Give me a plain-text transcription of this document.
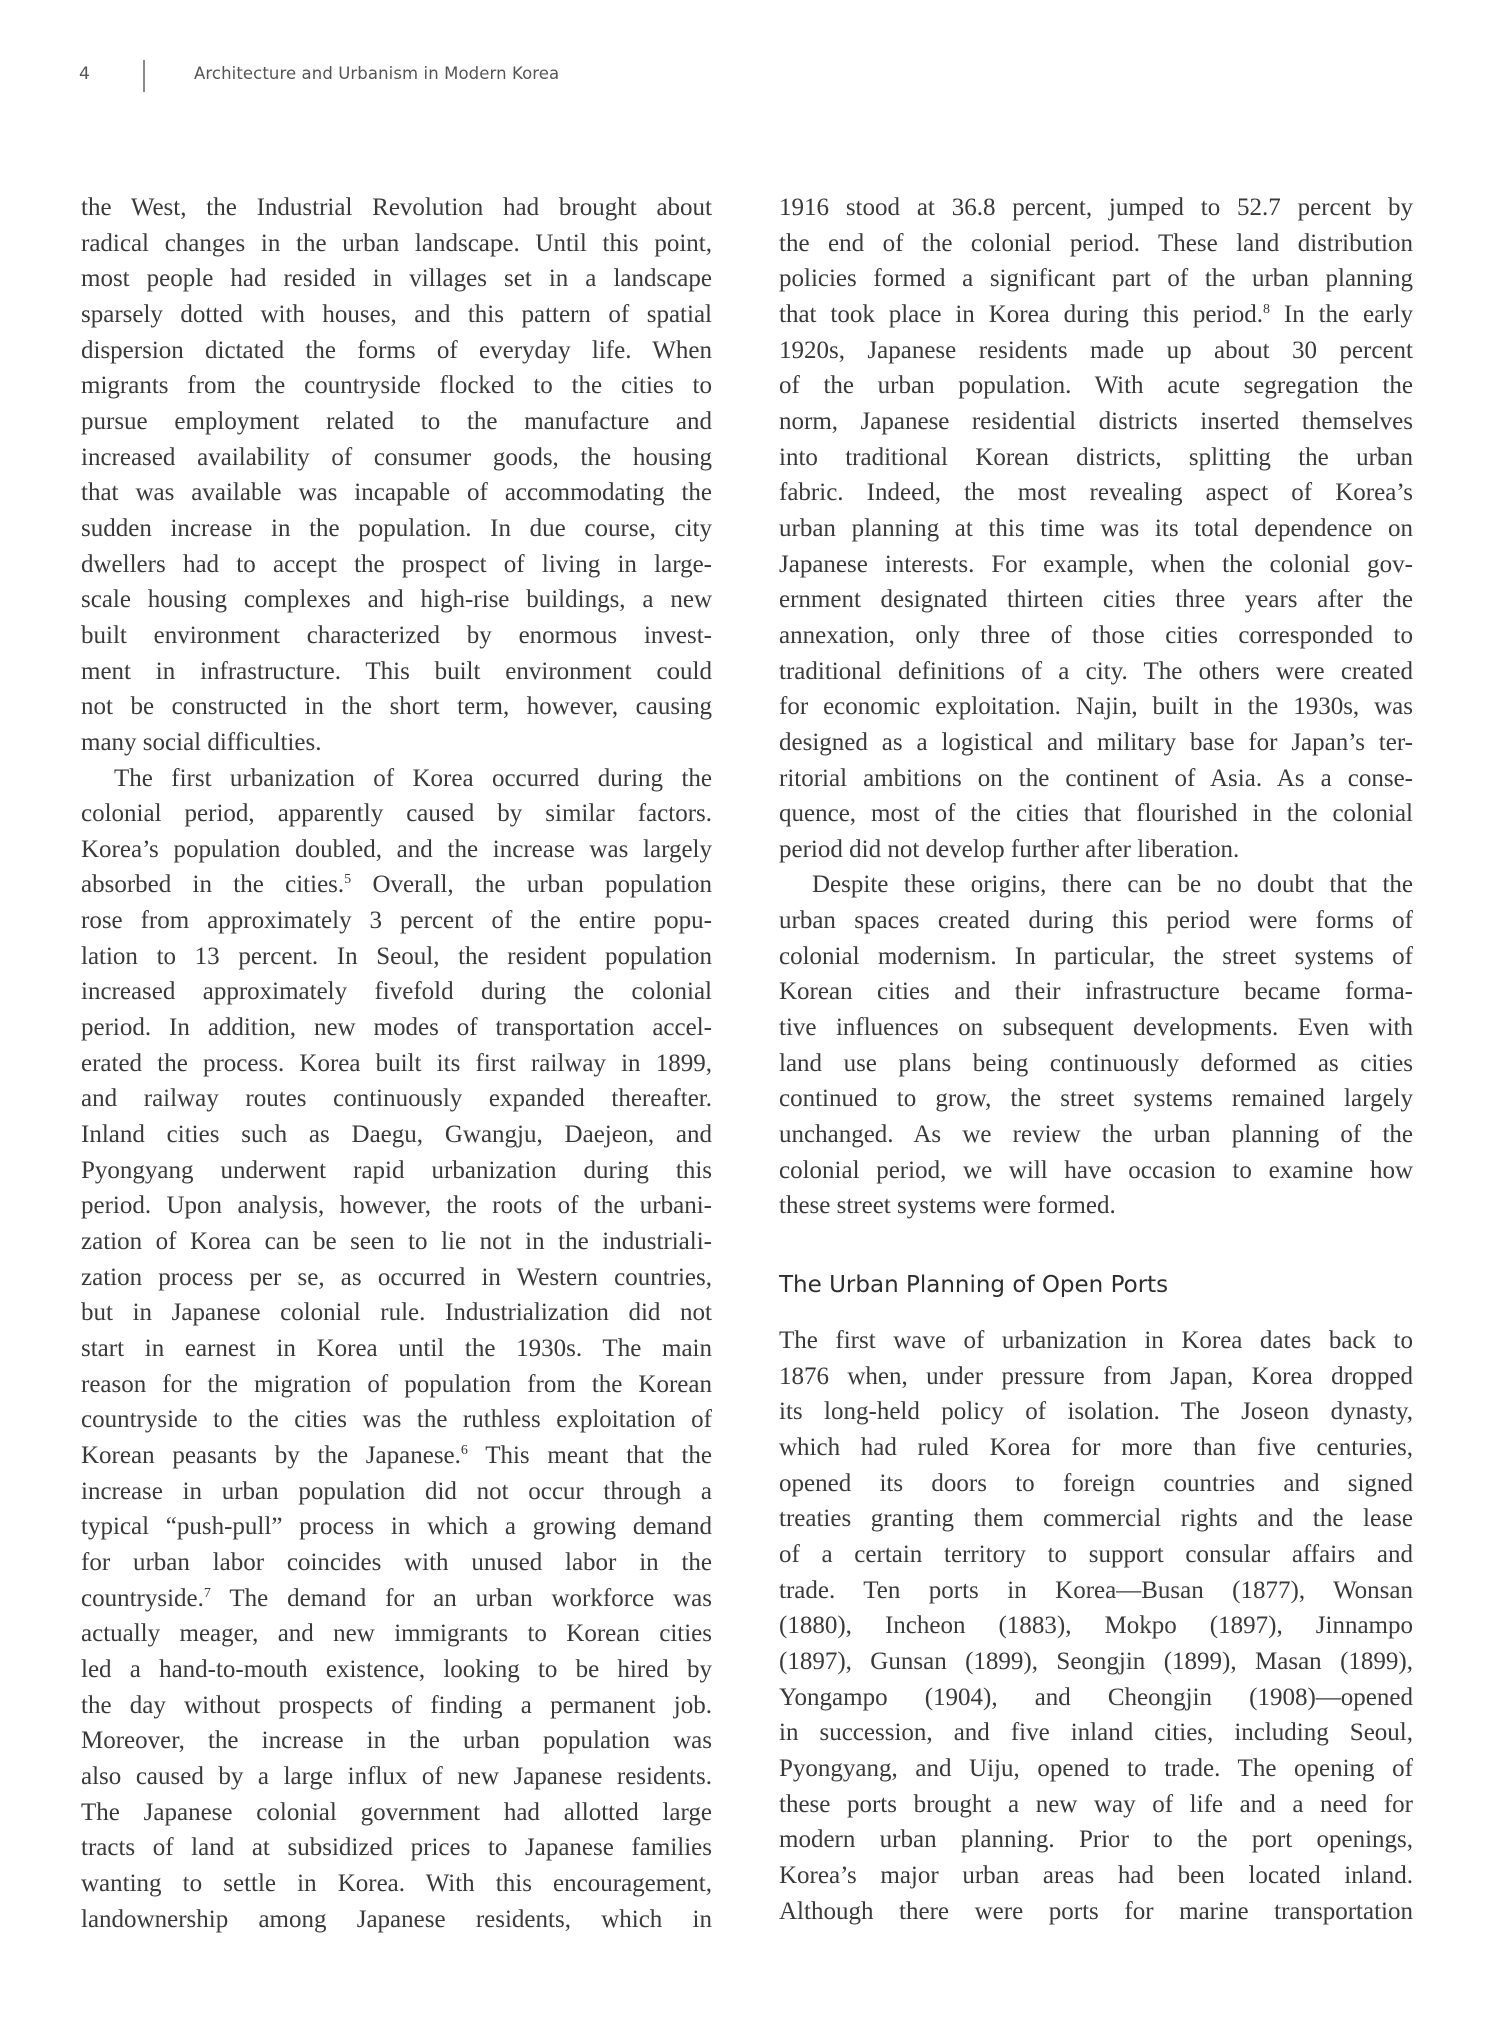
4	Architecture and Urbanism in Modern Korea
the West, the Industrial Revolution had brought about
radical changes in the urban landscape. Until this point,
most people had resided in villages set in a landscape
sparsely dotted with houses, and this pattern of spatial
dispersion dictated the forms of everyday life. When
migrants from the countryside flocked to the cities to
pursue employment related to the manufacture and
increased availability of consumer goods, the housing
that was available was incapable of accommodating the
sudden increase in the population. In due course, city
dwellers had to accept the prospect of living in large-
scale housing complexes and high-rise buildings, a new
built environment characterized by enormous invest-
ment in infrastructure. This built environment could
not be constructed in the short term, however, causing
many social difficulties.
The first urbanization of Korea occurred during the
colonial period, apparently caused by similar factors.
Korea’s population doubled, and the increase was largely
absorbed in the cities.$^5$ Overall, the urban population
rose from approximately 3 percent of the entire popu-
lation to 13 percent. In Seoul, the resident population
increased approximately fivefold during the colonial
period. In addition, new modes of transportation accel-
erated the process. Korea built its first railway in 1899,
and railway routes continuously expanded thereafter.
Inland cities such as Daegu, Gwangju, Daejeon, and
Pyongyang underwent rapid urbanization during this
period. Upon analysis, however, the roots of the urbani-
zation of Korea can be seen to lie not in the industriali-
zation process per se, as occurred in Western countries,
but in Japanese colonial rule. Industrialization did not
start in earnest in Korea until the 1930s. The main
reason for the migration of population from the Korean
countryside to the cities was the ruthless exploitation of
Korean peasants by the Japanese.$^6$ This meant that the
increase in urban population did not occur through a
typical “push-pull” process in which a growing demand
for urban labor coincides with unused labor in the
countryside.$^7$ The demand for an urban workforce was
actually meager, and new immigrants to Korean cities
led a hand-to-mouth existence, looking to be hired by
the day without prospects of finding a permanent job.
Moreover, the increase in the urban population was
also caused by a large influx of new Japanese residents.
The Japanese colonial government had allotted large
tracts of land at subsidized prices to Japanese families
wanting to settle in Korea. With this encouragement,
landownership among Japanese residents, which in
1916 stood at 36.8 percent, jumped to 52.7 percent by
the end of the colonial period. These land distribution
policies formed a significant part of the urban planning
that took place in Korea during this period.$^8$ In the early
1920s, Japanese residents made up about 30 percent
of the urban population. With acute segregation the
norm, Japanese residential districts inserted themselves
into traditional Korean districts, splitting the urban
fabric. Indeed, the most revealing aspect of Korea’s
urban planning at this time was its total dependence on
Japanese interests. For example, when the colonial gov-
ernment designated thirteen cities three years after the
annexation, only three of those cities corresponded to
traditional definitions of a city. The others were created
for economic exploitation. Najin, built in the 1930s, was
designed as a logistical and military base for Japan’s ter-
ritorial ambitions on the continent of Asia. As a conse-
quence, most of the cities that flourished in the colonial
period did not develop further after liberation.
Despite these origins, there can be no doubt that the
urban spaces created during this period were forms of
colonial modernism. In particular, the street systems of
Korean cities and their infrastructure became forma-
tive influences on subsequent developments. Even with
land use plans being continuously deformed as cities
continued to grow, the street systems remained largely
unchanged. As we review the urban planning of the
colonial period, we will have occasion to examine how
these street systems were formed.
The Urban Planning of Open Ports
The first wave of urbanization in Korea dates back to
1876 when, under pressure from Japan, Korea dropped
its long-held policy of isolation. The Joseon dynasty,
which had ruled Korea for more than five centuries,
opened its doors to foreign countries and signed
treaties granting them commercial rights and the lease
of a certain territory to support consular affairs and
trade. Ten ports in Korea—Busan (1877), Wonsan
(1880), Incheon (1883), Mokpo (1897), Jinnampo
(1897), Gunsan (1899), Seongjin (1899), Masan (1899),
Yongampo (1904), and Cheongjin (1908)—opened
in succession, and five inland cities, including Seoul,
Pyongyang, and Uiju, opened to trade. The opening of
these ports brought a new way of life and a need for
modern urban planning. Prior to the port openings,
Korea’s major urban areas had been located inland.
Although there were ports for marine transportation
